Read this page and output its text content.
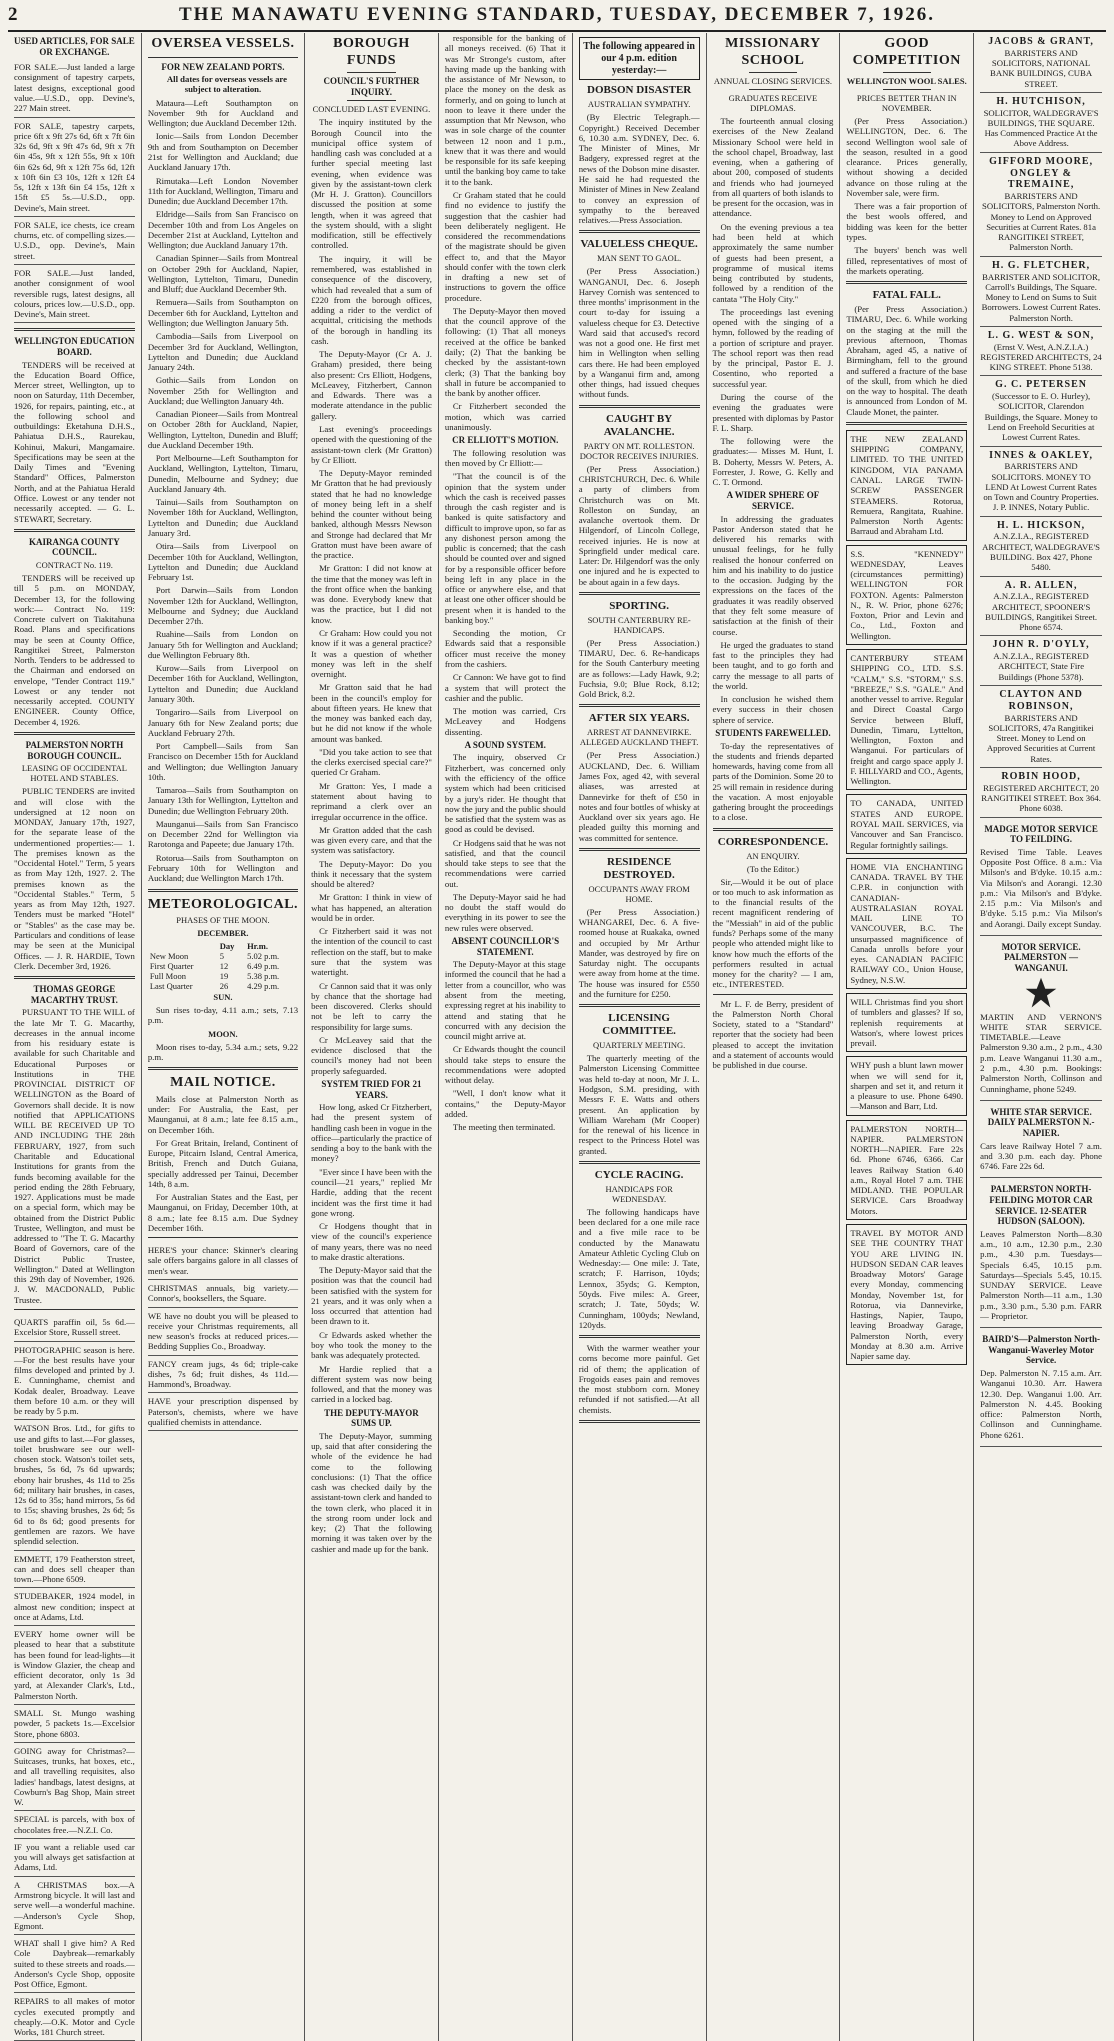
2	THE MANAWATU EVENING STANDARD, TUESDAY, DECEMBER 7, 1926.
USED ARTICLES, FOR SALE OR EXCHANGE.
FOR SALE.—Just landed a large consignment of tapestry carpets, latest designs, exceptional good value.—U.S.D., opp. Devine's, 227 Main street.
FOR SALE, tapestry carpets, price 6ft x 9ft 27s 6d, 6ft x 7ft 6in 32s 6d, 9ft x 9ft 47s 6d, 9ft x 7ft 6in 45s, 9ft x 12ft 55s, 9ft x 10ft 6in 62s 6d, 9ft x 12ft 75s 6d, 12ft x 10ft 6in £3 10s, 12ft x 12ft £4 5s, 12ft x 13ft 6in £4 15s, 12ft x 15ft £5 5s.—U.S.D., opp. Devine's, Main street.
FOR SALE, ice chests, ice cream churns, etc. of compelling sizes.—U.S.D., opp. Devine's, Main street.
FOR SALE.—Just landed, another consignment of wool reversible rugs, latest designs, all colours, prices low.—U.S.D., opp. Devine's, Main street.
WELLINGTON EDUCATION BOARD.

TENDERS will be received at the Education Board Office, Mercer street, Wellington, up to noon on Saturday, 11th December, 1926, for repairs, painting, etc., at the following school and outbuildings: Eketahuna D.H.S., Pahiatua D.H.S., Raurekau, Kohinui, Makuri, Mangamaire. Specifications may be seen at the Daily Times and "Evening Standard" Offices, Palmerston North, and at the Pahiatua Herald Office. Lowest or any tender not necessarily accepted. — G. L. STEWART, Secretary.

KAIRANGA COUNTY COUNCIL.
CONTRACT No. 119.

TENDERS will be received up till 5 p.m. on MONDAY, December 13, for the following work:— Contract No. 119: Concrete culvert on Tiakitahuna Road. Plans and specifications may be seen at County Office, Rangitikei Street, Palmerston North. Tenders to be addressed to the Chairman and endorsed on envelope, "Tender Contract 119." Lowest or any tender not necessarily accepted. COUNTY ENGINEER. County Office, December 4, 1926.

PALMERSTON NORTH BOROUGH COUNCIL.
LEASING OF OCCIDENTAL HOTEL AND STABLES.

PUBLIC TENDERS are invited and will close with the undersigned at 12 noon on MONDAY, January 17th, 1927, for the separate lease of the undermentioned properties:— 1. The premises known as the "Occidental Hotel." Term, 5 years as from May 12th, 1927. 2. The premises known as the "Occidental Stables." Term, 5 years as from May 12th, 1927. Tenders must be marked "Hotel" or "Stables" as the case may be. Particulars and conditions of lease may be seen at the Municipal Offices. — J. R. HARDIE, Town Clerk. December 3rd, 1926.

THOMAS GEORGE MACARTHY TRUST.

PURSUANT TO THE WILL of the late Mr T. G. Macarthy, decreases in the annual income from his residuary estate is available for such Charitable and Educational Purposes or Institutions in THE PROVINCIAL DISTRICT OF WELLINGTON as the Board of Governors shall decide. It is now notified that APPLICATIONS WILL BE RECEIVED UP TO AND INCLUDING THE 28th FEBRUARY, 1927, from such Charitable and Educational Institutions for grants from the funds becoming available for the period ending the 28th February, 1927. Applications must be made on a special form, which may be obtained from the District Public Trustee, Wellington, and must be addressed to "The T. G. Macarthy Board of Governors, care of the District Public Trustee, Wellington." Dated at Wellington this 29th day of November, 1926. J. W. MACDONALD, Public Trustee.

QUARTS paraffin oil, 5s 6d.—Excelsior Store, Russell street.
PHOTOGRAPHIC season is here.—For the best results have your films developed and printed by J. E. Cunninghame, chemist and Kodak dealer, Broadway. Leave them before 10 a.m. or they will be ready by 5 p.m.
WATSON Bros. Ltd., for gifts to use and gifts to last.—For glasses, toilet brushware see our well-chosen stock. Watson's toilet sets, brushes, 5s 6d, 7s 6d upwards; ebony hair brushes, 4s 11d to 25s 6d; military hair brushes, in cases, 12s 6d to 35s; hand mirrors, 5s 6d to 15s; shaving brushes, 2s 6d; 5s 6d to 8s 6d; good presents for gentlemen are razors. We have splendid selection.
EMMETT, 179 Featherston street, can and does sell cheaper than town.—Phone 6509.
STUDEBAKER, 1924 model, in almost new condition; inspect at once at Adams, Ltd.
EVERY home owner will be pleased to hear that a substitute has been found for lead-lights—it is Window Glazier, the cheap and efficient decorator, only 1s 3d yard, at Alexander Clark's, Ltd., Palmerston North.
SMALL St. Mungo washing powder, 5 packets 1s.—Excelsior Store, phone 6803.
GOING away for Christmas?—Suitcases, trunks, hat boxes, etc., and all travelling requisites, also ladies' handbags, latest designs, at Cowburn's Bag Shop, Main street W.
SPECIAL is parcels, with box of chocolates free.—N.Z.I. Co.
IF you want a reliable used car you will always get satisfaction at Adams, Ltd.
A CHRISTMAS box.—A Armstrong bicycle. It will last and serve well—a wonderful machine.—Anderson's Cycle Shop, Egmont.
WHAT shall I give him? A Red Cole Daybreak—remarkably suited to these streets and roads.—Anderson's Cycle Shop, opposite Post Office, Egmont.
REPAIRS to all makes of motor cycles executed promptly and cheaply.—O.K. Motor and Cycle Works, 181 Church street.
OVERSEA VESSELS.
FOR NEW ZEALAND PORTS.

All dates for overseas vessels are subject to alteration.

Mataura—Left Southampton on November 9th for Auckland and Wellington; due Auckland December 12th.

Ionic—Sails from London December 9th and from Southampton on December 21st for Wellington and Auckland; due Auckland January 17th.

Rimutaka—Left London November 11th for Auckland, Wellington, Timaru and Dunedin; due Auckland December 17th.

Eldridge—Sails from San Francisco on December 10th and from Los Angeles on December 21st at Auckland, Lyttelton and Wellington; due Auckland January 17th.

Canadian Spinner—Sails from Montreal on October 29th for Auckland, Napier, Wellington, Lyttelton, Timaru, Dunedin and Bluff; due Auckland December 9th.

Remuera—Sails from Southampton on December 6th for Auckland, Lyttelton and Wellington; due Wellington January 5th.

Cambodia—Sails from Liverpool on December 3rd for Auckland, Wellington, Lyttelton and Dunedin; due Auckland January 24th.

Gothic—Sails from London on November 25th for Wellington and Auckland; due Wellington January 4th.

Canadian Pioneer—Sails from Montreal on October 28th for Auckland, Napier, Wellington, Lyttelton, Dunedin and Bluff; due Auckland December 19th.

Port Melbourne—Left Southampton for Auckland, Wellington, Lyttelton, Timaru, Dunedin, Melbourne and Sydney; due Auckland January 4th.

Tainui—Sails from Southampton on November 18th for Auckland, Wellington, Lyttelton and Dunedin; due Auckland January 3rd.

Otira—Sails from Liverpool on December 10th for Auckland, Wellington, Lyttelton and Dunedin; due Auckland February 1st.

Port Darwin—Sails from London November 12th for Auckland, Wellington, Melbourne and Sydney; due Auckland December 27th.

Ruahine—Sails from London on January 5th for Wellington and Auckland; due Wellington February 8th.

Kurow—Sails from Liverpool on December 16th for Auckland, Wellington, Lyttelton and Dunedin; due Auckland January 30th.

Tongariro—Sails from Liverpool on January 6th for New Zealand ports; due Auckland February 27th.

Port Campbell—Sails from San Francisco on December 15th for Auckland and Wellington; due Wellington January 10th.

Tamaroa—Sails from Southampton on January 13th for Wellington, Lyttelton and Dunedin; due Wellington February 20th.

Maunganui—Sails from San Francisco on December 22nd for Wellington via Rarotonga and Papeete; due January 17th.

Rotorua—Sails from Southampton on February 10th for Wellington and Auckland; due Wellington March 17th.

METEOROLOGICAL.
PHASES OF THE MOON.
DECEMBER.
	Day	Hr.m.
New Moon	5	5.02 p.m.
First Quarter	12	6.49 p.m.
Full Moon	19	5.38 p.m.
Last Quarter	26	4.29 p.m.
SUN.

Sun rises to-day, 4.11 a.m.; sets, 7.13 p.m.

MOON.

Moon rises to-day, 5.34 a.m.; sets, 9.22 p.m.

MAIL NOTICE.

Mails close at Palmerston North as under: For Australia, the East, per Maunganui, at 8 a.m.; late fee 8.15 a.m., on December 16th.

For Great Britain, Ireland, Continent of Europe, Pitcairn Island, Central America, British, French and Dutch Guiana, specially addressed per Tainui, December 14th, 8 a.m.

For Australian States and the East, per Maunganui, on Friday, December 10th, at 8 a.m.; late fee 8.15 a.m. Due Sydney December 16th.

HERE'S your chance: Skinner's clearing sale offers bargains galore in all classes of men's wear.
CHRISTMAS annuals, big variety.—Connor's, booksellers, the Square.
WE have no doubt you will be pleased to receive your Christmas requirements, all new season's frocks at reduced prices.—Bedding Supplies Co., Broadway.
FANCY cream jugs, 4s 6d; triple-cake dishes, 7s 6d; fruit dishes, 4s 11d.—Hammond's, Broadway.
HAVE your prescription dispensed by Paterson's, chemists, where we have qualified chemists in attendance.
BOROUGH FUNDS
COUNCIL'S FURTHER INQUIRY.
CONCLUDED LAST EVENING.

The inquiry instituted by the Borough Council into the municipal office system of handling cash was concluded at a further special meeting last evening, when evidence was given by the assistant-town clerk (Mr H. J. Gratton). Councillors discussed the position at some length, when it was agreed that the system should, with a slight modification, still be effectively controlled.

The inquiry, it will be remembered, was established in consequence of the discovery, which had revealed that a sum of £220 from the borough offices, adding a rider to the verdict of acquittal, criticising the methods of the borough in handling its cash.

The Deputy-Mayor (Cr A. J. Graham) presided, there being also present: Crs Elliott, Hodgens, McLeavey, Fitzherbert, Cannon and Edwards. There was a moderate attendance in the public gallery.

Last evening's proceedings opened with the questioning of the assistant-town clerk (Mr Gratton) by Cr Elliott.

The Deputy-Mayor reminded Mr Gratton that he had previously stated that he had no knowledge of money being left in a shelf behind the counter without being banked, although Messrs Newson and Stronge had declared that Mr Gratton must have been aware of the practice.

Mr Gratton: I did not know at the time that the money was left in the front office when the banking was done. Everybody knew that was the practice, but I did not know.

Cr Graham: How could you not know if it was a general practice? It was a question of whether money was left in the shelf overnight.

Mr Gratton said that he had been in the council's employ for about fifteen years. He knew that the money was banked each day, but he did not know if the whole amount was banked.

"Did you take action to see that the clerks exercised special care?" queried Cr Graham.

Mr Gratton: Yes, I made a statement about having to reprimand a clerk over an irregular occurrence in the office.

Mr Gratton added that the cash was given every care, and that the system was satisfactory.

The Deputy-Mayor: Do you think it necessary that the system should be altered?

Mr Gratton: I think in view of what has happened, an alteration would be in order.

Cr Fitzherbert said it was not the intention of the council to cast reflection on the staff, but to make sure that the system was watertight.

Cr Cannon said that it was only by chance that the shortage had been discovered. Clerks should not be left to carry the responsibility for large sums.

Cr McLeavey said that the evidence disclosed that the council's money had not been properly safeguarded.

SYSTEM TRIED FOR 21 YEARS.

How long, asked Cr Fitzherbert, had the present system of handling cash been in vogue in the office—particularly the practice of sending a boy to the bank with the money?

"Ever since I have been with the council—21 years," replied Mr Hardie, adding that the recent incident was the first time it had gone wrong.

Cr Hodgens thought that in view of the council's experience of many years, there was no need to make drastic alterations.

The Deputy-Mayor said that the position was that the council had been satisfied with the system for 21 years, and it was only when a loss occurred that attention had been drawn to it.

Cr Edwards asked whether the boy who took the money to the bank was adequately protected.

Mr Hardie replied that a different system was now being followed, and that the money was carried in a locked bag.

THE DEPUTY-MAYOR SUMS UP.

The Deputy-Mayor, summing up, said that after considering the whole of the evidence he had come to the following conclusions: (1) That the office cash was checked daily by the assistant-town clerk and handed to the town clerk, who placed it in the strong room under lock and key; (2) That the following morning it was taken over by the cashier and made up for the bank.

responsible for the banking of all moneys received. (6) That it was Mr Stronge's custom, after having made up the banking with the assistance of Mr Newson, to place the money on the desk as formerly, and on going to lunch at noon to leave it there under the assumption that Mr Newson, who was in sole charge of the counter between 12 noon and 1 p.m., knew that it was there and would be responsible for its safe keeping until the banking boy came to take it to the bank.

Cr Graham stated that he could find no evidence to justify the suggestion that the cashier had been deliberately negligent. He considered the recommendations of the magistrate should be given effect to, and that the Mayor should confer with the town clerk in drafting a new set of instructions to govern the office procedure.

The Deputy-Mayor then moved that the council approve of the following: (1) That all moneys received at the office be banked daily; (2) That the banking be checked by the assistant-town clerk; (3) That the banking boy shall in future be accompanied to the bank by another officer.

Cr Fitzherbert seconded the motion, which was carried unanimously.

CR ELLIOTT'S MOTION.

The following resolution was then moved by Cr Elliott:—

"That the council is of the opinion that the system under which the cash is received passes through the cash register and is banked is quite satisfactory and difficult to improve upon, so far as any dishonest person among the public is concerned; that the cash should be counted over and signed for by a responsible officer before being left in any place in the office or anywhere else, and that at least one other officer should be present when it is handed to the banking boy."

Seconding the motion, Cr Edwards said that a responsible officer must receive the money from the cashiers.

Cr Cannon: We have got to find a system that will protect the cashier and the public.

The motion was carried, Crs McLeavey and Hodgens dissenting.

A SOUND SYSTEM.

The inquiry, observed Cr Fitzherbert, was concerned only with the efficiency of the office system which had been criticised by a jury's rider. He thought that now the jury and the public should be satisfied that the system was as good as could be devised.

Cr Hodgens said that he was not satisfied, and that the council should take steps to see that the recommendations were carried out.

The Deputy-Mayor said he had no doubt the staff would do everything in its power to see the new rules were observed.

ABSENT COUNCILLOR'S STATEMENT.

The Deputy-Mayor at this stage informed the council that he had a letter from a councillor, who was absent from the meeting, expressing regret at his inability to attend and stating that he concurred with any decision the council might arrive at.

Cr Edwards thought the council should take steps to ensure the recommendations were adopted without delay.

"Well, I don't know what it contains," the Deputy-Mayor added.

The meeting then terminated.

The following appeared in our 4 p.m. edition yesterday:—
DOBSON DISASTER
AUSTRALIAN SYMPATHY.

(By Electric Telegraph.—Copyright.) Received December 6, 10.30 a.m. SYDNEY, Dec. 6. The Minister of Mines, Mr Badgery, expressed regret at the news of the Dobson mine disaster. He said he had requested the Minister of Mines in New Zealand to convey an expression of sympathy to the bereaved relatives.—Press Association.

VALUELESS CHEQUE.
MAN SENT TO GAOL.

(Per Press Association.) WANGANUI, Dec. 6. Joseph Harvey Cornish was sentenced to three months' imprisonment in the court to-day for issuing a valueless cheque for £3. Detective Ward said that accused's record was not a good one. He first met him in Wellington when selling cars there. He had been employed by a Wanganui firm and, among other things, had issued cheques without funds.

CAUGHT BY AVALANCHE.
PARTY ON MT. ROLLESTON. DOCTOR RECEIVES INJURIES.

(Per Press Association.) CHRISTCHURCH, Dec. 6. While a party of climbers from Christchurch was on Mt. Rolleston on Sunday, an avalanche overtook them. Dr Hilgendorf, of Lincoln College, received injuries. He is now at Springfield under medical care. Later: Dr. Hilgendorf was the only one injured and he is expected to be about again in a few days.

SPORTING.
SOUTH CANTERBURY RE-HANDICAPS.

(Per Press Association.) TIMARU, Dec. 6. Re-handicaps for the South Canterbury meeting are as follows:—Lady Hawk, 9.2; Fuchsia, 9.0; Blue Rock, 8.12; Gold Brick, 8.2.

AFTER SIX YEARS.
ARREST AT DANNEVIRKE. ALLEGED AUCKLAND THEFT.

(Per Press Association.) AUCKLAND, Dec. 6. William James Fox, aged 42, with several aliases, was arrested at Dannevirke for theft of £50 in notes and four bottles of whisky at Auckland over six years ago. He pleaded guilty this morning and was committed for sentence.

RESIDENCE DESTROYED.
OCCUPANTS AWAY FROM HOME.

(Per Press Association.) WHANGAREI, Dec. 6. A five-roomed house at Ruakaka, owned and occupied by Mr Arthur Mander, was destroyed by fire on Saturday night. The occupants were away from home at the time. The house was insured for £550 and the furniture for £250.

LICENSING COMMITTEE.
QUARTERLY MEETING.

The quarterly meeting of the Palmerston Licensing Committee was held to-day at noon, Mr J. L. Hodgson, S.M. presiding, with Messrs F. E. Watts and others present. An application by William Wareham (Mr Cooper) for the renewal of his licence in respect to the Princess Hotel was granted.

CYCLE RACING.
HANDICAPS FOR WEDNESDAY.

The following handicaps have been declared for a one mile race and a five mile race to be conducted by the Manawatu Amateur Athletic Cycling Club on Wednesday:— One mile: J. Tate, scratch; F. Harrison, 10yds; Lennox, 35yds; G. Kempton, 50yds. Five miles: A. Greer, scratch; J. Tate, 50yds; W. Cunningham, 100yds; Newland, 120yds.

With the warmer weather your corns become more painful. Get rid of them; the application of Frogoids eases pain and removes the most stubborn corn. Money refunded if not satisfied.—At all chemists.

MISSIONARY SCHOOL
ANNUAL CLOSING SERVICES.
GRADUATES RECEIVE DIPLOMAS.

The fourteenth annual closing exercises of the New Zealand Missionary School were held in the school chapel, Broadway, last evening, when a gathering of about 200, composed of students and friends who had journeyed from all quarters of both islands to be present for the occasion, was in attendance.

On the evening previous a tea had been held at which approximately the same number of guests had been present, a programme of musical items being contributed by students, followed by a rendition of the cantata "The Holy City."

The proceedings last evening opened with the singing of a hymn, followed by the reading of a portion of scripture and prayer. The school report was then read by the principal, Pastor E. J. Cosentino, who reported a successful year.

During the course of the evening the graduates were presented with diplomas by Pastor F. L. Sharp.

The following were the graduates:— Misses M. Hunt, I. B. Doherty, Messrs W. Peters, A. Forrester, J. Rowe, G. Kelly and C. T. Ormond.

A WIDER SPHERE OF SERVICE.

In addressing the graduates Pastor Anderson stated that he delivered his remarks with unusual feelings, for he fully realised the honour conferred on him and his inability to do justice to the occasion. Judging by the expressions on the faces of the graduates it was readily observed that they felt some measure of satisfaction at the finish of their course.

He urged the graduates to stand fast to the principles they had been taught, and to go forth and carry the message to all parts of the world.

In conclusion he wished them every success in their chosen sphere of service.

STUDENTS FAREWELLED.

To-day the representatives of the students and friends departed homewards, having come from all parts of the Dominion. Some 20 to 25 will remain in residence during the vacation. A most enjoyable gathering brought the proceedings to a close.

CORRESPONDENCE.
AN ENQUIRY.
(To the Editor.)

Sir,—Would it be out of place or too much to ask information as to the financial results of the recent magnificent rendering of the "Messiah" in aid of the public funds? Perhaps some of the many people who attended might like to know how much the efforts of the performers resulted in actual money for the charity? — I am, etc., INTERESTED.

Mr L. F. de Berry, president of the Palmerston North Choral Society, stated to a "Standard" reporter that the society had been pleased to accept the invitation and a statement of accounts would be published in due course.

GOOD COMPETITION
WELLINGTON WOOL SALES.
PRICES BETTER THAN IN NOVEMBER.

(Per Press Association.) WELLINGTON, Dec. 6. The second Wellington wool sale of the season, resulted in a good clearance. Prices generally, without showing a decided advance on those ruling at the November sale, were firm.

There was a fair proportion of the best wools offered, and bidding was keen for the better types.

The buyers' bench was well filled, representatives of most of the markets operating.

FATAL FALL.

(Per Press Association.) TIMARU, Dec. 6. While working on the staging at the mill the previous afternoon, Thomas Abraham, aged 45, a native of Birmingham, fell to the ground and suffered a fracture of the base of the skull, from which he died on the way to hospital. The death is announced from London of M. Claude Monet, the painter.

THE NEW ZEALAND SHIPPING COMPANY, LIMITED. TO THE UNITED KINGDOM, VIA PANAMA CANAL. LARGE TWIN-SCREW PASSENGER STEAMERS. Rotorua, Remuera, Rangitata, Ruahine. Palmerston North Agents: Barraud and Abraham Ltd.
S.S. "KENNEDY" WEDNESDAY, Leaves (circumstances permitting) WELLINGTON FOR FOXTON. Agents: Palmerston N., R. W. Prior, phone 6276; Foxton, Prior and Levin and Co., Ltd., Foxton and Wellington.
CANTERBURY STEAM SHIPPING CO., LTD. S.S. "CALM," S.S. "STORM," S.S. "BREEZE," S.S. "GALE." And another vessel to arrive. Regular and Direct Coastal Cargo Service between Bluff, Dunedin, Timaru, Lyttelton, Wellington, Foxton and Wanganui. For particulars of freight and cargo space apply J. F. HILLYARD and CO., Agents, Wellington.
TO CANADA, UNITED STATES AND EUROPE. ROYAL MAIL SERVICES, via Vancouver and San Francisco. Regular fortnightly sailings.
HOME VIA ENCHANTING CANADA. TRAVEL BY THE C.P.R. in conjunction with CANADIAN-AUSTRALASIAN ROYAL MAIL LINE TO VANCOUVER, B.C. The unsurpassed magnificence of Canada unrolls before your eyes. CANADIAN PACIFIC RAILWAY CO., Union House, Sydney, N.S.W.
WILL Christmas find you short of tumblers and glasses? If so, replenish requirements at Watson's, where lowest prices prevail.
WHY push a blunt lawn mower when we will send for it, sharpen and set it, and return it a pleasure to use. Phone 6490.—Manson and Barr, Ltd.
PALMERSTON NORTH—NAPIER. PALMERSTON NORTH—NAPIER. Fare 22s 6d. Phone 6746, 6366. Car leaves Railway Station 6.40 a.m., Royal Hotel 7 a.m. THE MIDLAND. THE POPULAR SERVICE. Cars Broadway Motors.
TRAVEL BY MOTOR AND SEE THE COUNTRY THAT YOU ARE LIVING IN. HUDSON SEDAN CAR leaves Broadway Motors' Garage every Monday, commencing Monday, November 1st, for Rotorua, via Dannevirke, Hastings, Napier, Taupo, leaving Broadway Garage, Palmerston North, every Monday at 8.30 a.m. Arrive Napier same day.
JACOBS & GRANT,
BARRISTERS AND SOLICITORS, NATIONAL BANK BUILDINGS, CUBA STREET.
H. HUTCHISON,
SOLICITOR, WALDEGRAVE'S BUILDINGS, THE SQUARE. Has Commenced Practice At the Above Address.
GIFFORD MOORE, ONGLEY & TREMAINE,
BARRISTERS AND SOLICITORS, Palmerston North. Money to Lend on Approved Securities at Current Rates. 81a RANGITIKEI STREET, Palmerston North.
H. G. FLETCHER,
BARRISTER AND SOLICITOR, Carroll's Buildings, The Square. Money to Lend on Sums to Suit Borrowers. Lowest Current Rates. Palmerston North.
L. G. WEST & SON,
(Ernst V. West, A.N.Z.I.A.) REGISTERED ARCHITECTS, 24 KING STREET. Phone 5138.
G. C. PETERSEN
(Successor to E. O. Hurley), SOLICITOR, Clarendon Buildings, the Square. Money to Lend on Freehold Securities at Lowest Current Rates.
INNES & OAKLEY,
BARRISTERS AND SOLICITORS. MONEY TO LEND At Lowest Current Rates on Town and Country Properties. J. P. INNES, Notary Public.
H. L. HICKSON,
A.N.Z.I.A., REGISTERED ARCHITECT, WALDEGRAVE'S BUILDING. Box 427, Phone 5480.
A. R. ALLEN,
A.N.Z.I.A., REGISTERED ARCHITECT, SPOONER'S BUILDINGS, Rangitikei Street. Phone 6574.
JOHN R. D'OYLY,
A.N.Z.I.A., REGISTERED ARCHITECT, State Fire Buildings (Phone 5378).
CLAYTON AND ROBINSON,
BARRISTERS AND SOLICITORS, 47a Rangitikei Street. Money to Lend on Approved Securities at Current Rates.
ROBIN HOOD,
REGISTERED ARCHITECT, 20 RANGITIKEI STREET. Box 364. Phone 6038.
MADGE MOTOR SERVICE TO FEILDING.

Revised Time Table. Leaves Opposite Post Office. 8 a.m.: Via Milson's and B'dyke. 10.15 a.m.: Via Milson's and Aorangi. 12.30 p.m.: Via Milson's and B'dyke. 2.15 p.m.: Via Milson's and B'dyke. 5.15 p.m.: Via Milson's and Aorangi. Daily except Sunday.

MOTOR SERVICE. PALMERSTON — WANGANUI.

MARTIN AND VERNON'S WHITE STAR SERVICE. TIMETABLE.—Leave Palmerston 9.30 a.m., 2 p.m., 4.30 p.m. Leave Wanganui 11.30 a.m., 2 p.m., 4.30 p.m. Bookings: Palmerston North, Collinson and Cunninghame, phone 5249.

WHITE STAR SERVICE. DAILY PALMERSTON N.-NAPIER.

Cars leave Railway Hotel 7 a.m. and 3.30 p.m. each day. Phone 6746. Fare 22s 6d.

PALMERSTON NORTH-FEILDING MOTOR CAR SERVICE. 12-SEATER HUDSON (SALOON).

Leaves Palmerston North—8.30 a.m., 10 a.m., 12.30 p.m., 2.30 p.m., 4.30 p.m. Tuesdays—Specials 6.45, 10.15 p.m. Saturdays—Specials 5.45, 10.15. SUNDAY SERVICE. Leave Palmerston North—11 a.m., 1.30 p.m., 3.30 p.m., 5.30 p.m. FARR — Proprietor.

BAIRD'S—Palmerston North-Wanganui-Waverley Motor Service.

Dep. Palmerston N. 7.15 a.m. Arr. Wanganui 10.30. Arr. Hawera 12.30. Dep. Wanganui 1.00. Arr. Palmerston N. 4.45. Booking office: Palmerston North, Collinson and Cunninghame. Phone 6261.
